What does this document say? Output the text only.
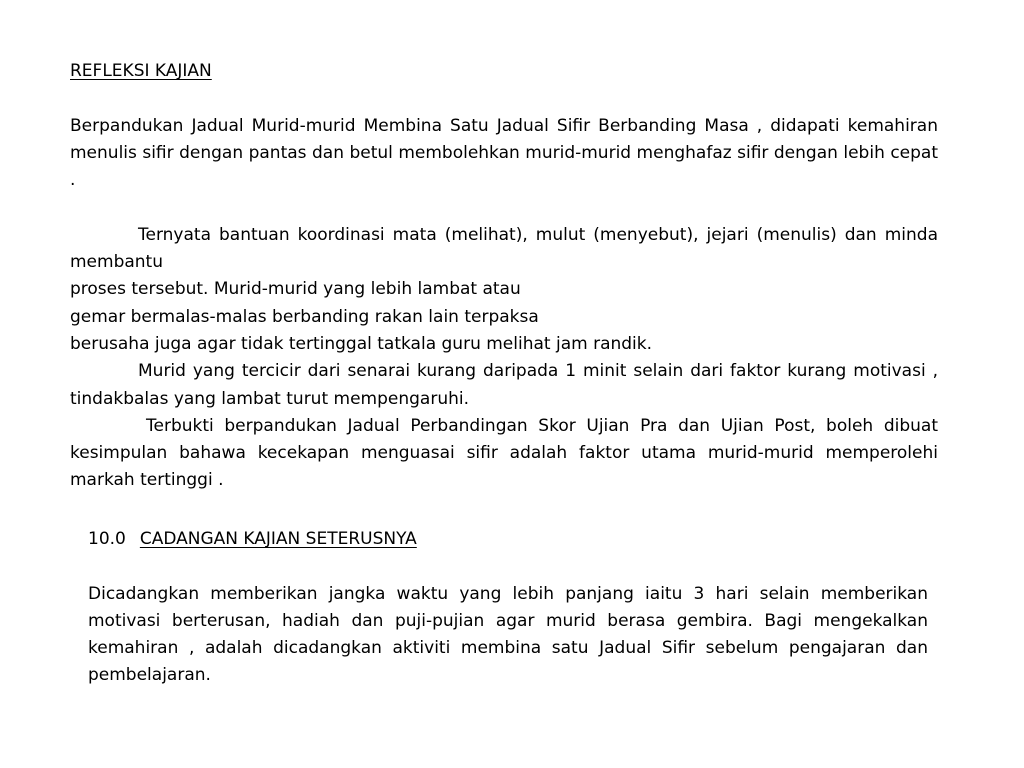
REFLEKSI KAJIAN

Berpandukan Jadual Murid-murid Membina Satu Jadual Sifir Berbanding Masa , didapati kemahiran menulis sifir dengan pantas dan betul membolehkan murid-murid menghafaz sifir dengan lebih cepat .

Ternyata bantuan koordinasi mata (melihat), mulut (menyebut), jejari (menulis) dan minda membantu

proses tersebut. Murid-murid yang lebih lambat atau
gemar bermalas-malas berbanding rakan lain terpaksa
berusaha juga agar tidak tertinggal tatkala guru melihat jam randik.

Murid yang tercicir dari senarai kurang daripada 1 minit selain dari faktor kurang motivasi , tindakbalas yang lambat turut mempengaruhi.

Terbukti berpandukan Jadual Perbandingan Skor Ujian Pra dan Ujian Post, boleh dibuat kesimpulan bahawa kecekapan menguasai sifir adalah faktor utama murid-murid memperolehi markah tertinggi .

10.0 CADANGAN KAJIAN SETERUSNYA

Dicadangkan memberikan jangka waktu yang lebih panjang iaitu 3 hari selain memberikan motivasi berterusan, hadiah dan puji-pujian agar murid berasa gembira. Bagi mengekalkan kemahiran , adalah dicadangkan aktiviti membina satu Jadual Sifir sebelum pengajaran dan pembelajaran.
